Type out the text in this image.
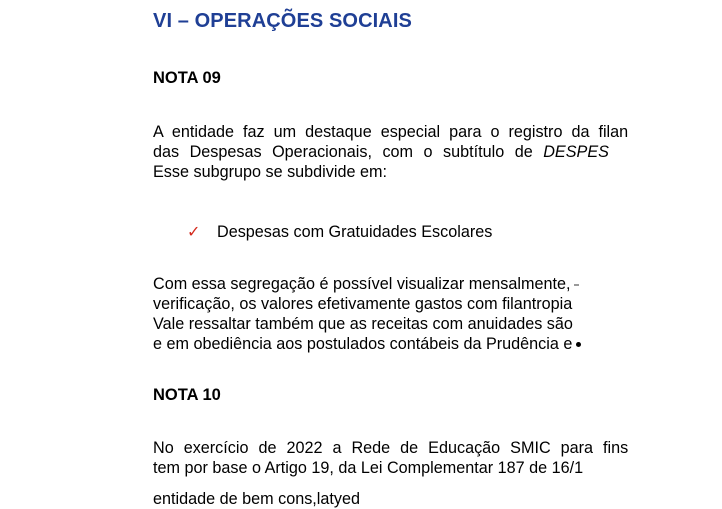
VI – OPERAÇÕES SOCIAIS
NOTA 09
A entidade faz um destaque especial para o registro da filan
das Despesas Operacionais, com o subtítulo de DESPES
Esse subgrupo se subdivide em:
✓ Despesas com Gratuidades Escolares
Com essa segregação é possível visualizar mensalmente,
verificação, os valores efetivamente gastos com filantropia
Vale ressaltar também que as receitas com anuidades são
e em obediência aos postulados contábeis da Prudência e
NOTA 10
No exercício de 2022 a Rede de Educação SMIC para fins
tem por base o Artigo 19, da Lei Complementar 187 de 16/1
entidade de bem cons,latyed
